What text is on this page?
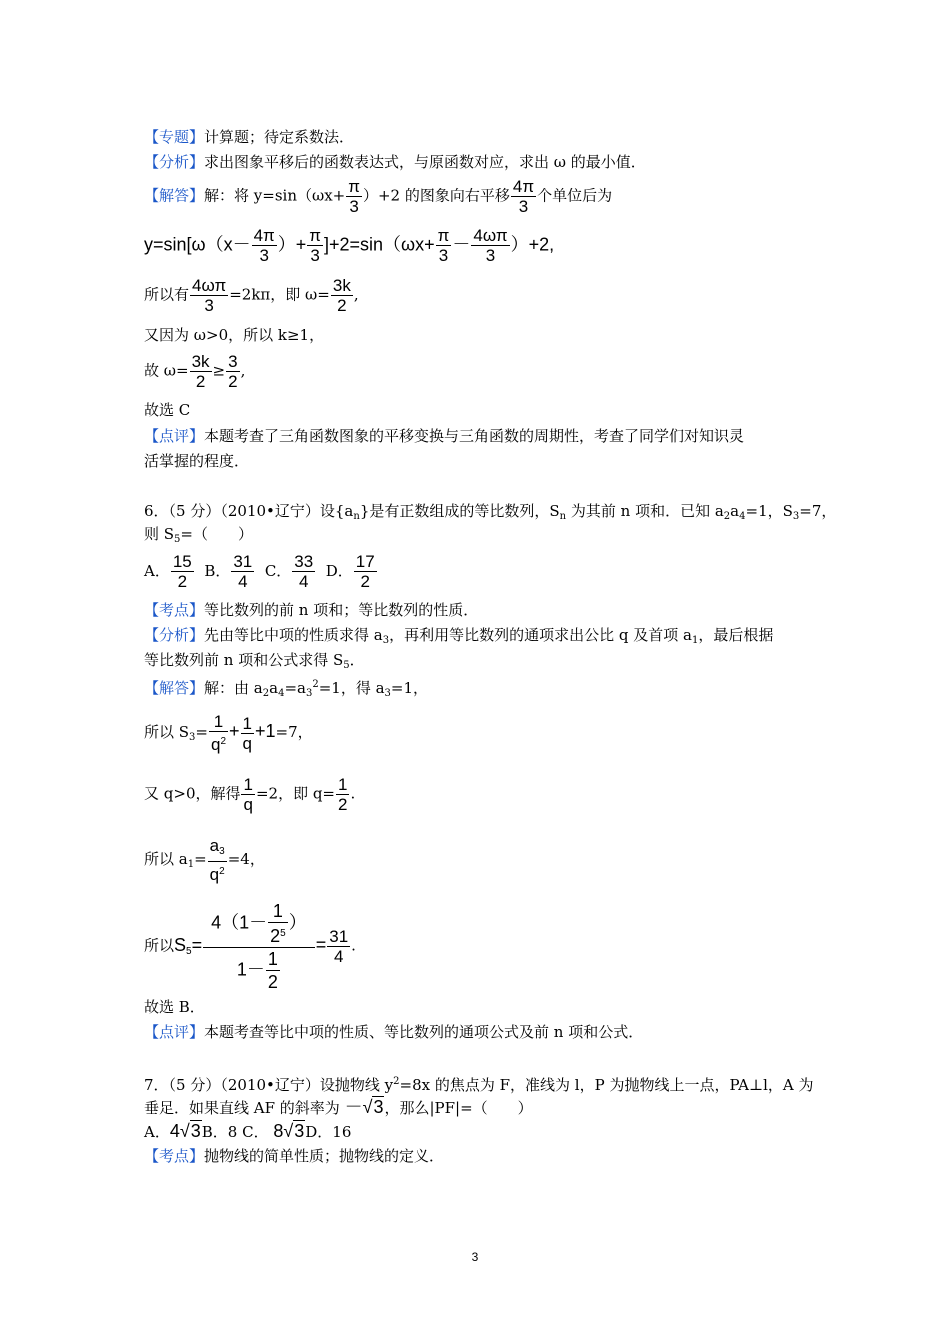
【专题】计算题；待定系数法．
【分析】求出图象平移后的函数表达式，与原函数对应，求出 ω 的最小值．
【解答】解：将 $y=\sin(\omega x+ \frac{\pi}{3} )+2$ 的图象向右平移 $\frac{4\pi}{3}$ 个单位后为
$y=\sin[\omega(x- \frac{4\pi}{3}$ ）+ $\frac{\pi}{3} ]+2=\sin(\omega x+ \frac{\pi}{3} - \frac{4\omega\pi}{3} )+2$,
所以有 $\frac{4\omega\pi}{3} =2k\pi$，即 $\omega= \frac{3k}{2}$ ,
又因为 ω>0，所以 k≥1，
故 $\omega= \frac{3k}{2} \ge \frac{3}{2}$ ,
故选 C
【点评】本题考查了三角函数图象的平移变换与三角函数的周期性，考查了同学们对知识灵
活掌握的程度．
6．（5 分）（2010•辽宁）设$\{a_n\}$是有正数组成的等比数列，$S_n$ 为其前 n 项和．已知 $a_2a_4=1$，$S_3=7$，
则 $S_5=$（　　）
A． $\frac{15}{2}$ B． $\frac{31}{4}$ C． $\frac{33}{4}$ D． $\frac{17}{2}$
【考点】等比数列的前 n 项和；等比数列的性质．
【分析】先由等比中项的性质求得 $a_3$，再利用等比数列的通项求出公比 q 及首项 $a_1$，最后根据
等比数列前 n 项和公式求得 $S_5$．
【解答】解：由 $a_2a_4=a_3^2=1$，得 $a_3=1$，
所以 $S_3= \frac{1}{q^2} + \frac{1}{q} +1=7$，
又 q>0，解得 $\frac{1}{q} =2$，即 $q= \frac{1}{2}$ .
所以 $a_1= \frac{a_3}{q^2} =4$，
所以$S_5= \frac{4(1- \frac{1}{2^5} )}{1- \frac{1}{2}} = \frac{31}{4}$ .
故选 B．
【点评】本题考查等比中项的性质、等比数列的通项公式及前 n 项和公式．
7．（5 分）（2010•辽宁）设抛物线 $y^2=8x$ 的焦点为 F，准线为 l，P 为抛物线上一点，PA⊥l，A 为
垂足．如果直线 AF 的斜率为 －√3，那么|PF|=（　　）
A．4√3B．8 C． 8√3D．16
【考点】抛物线的简单性质；抛物线的定义．
3
